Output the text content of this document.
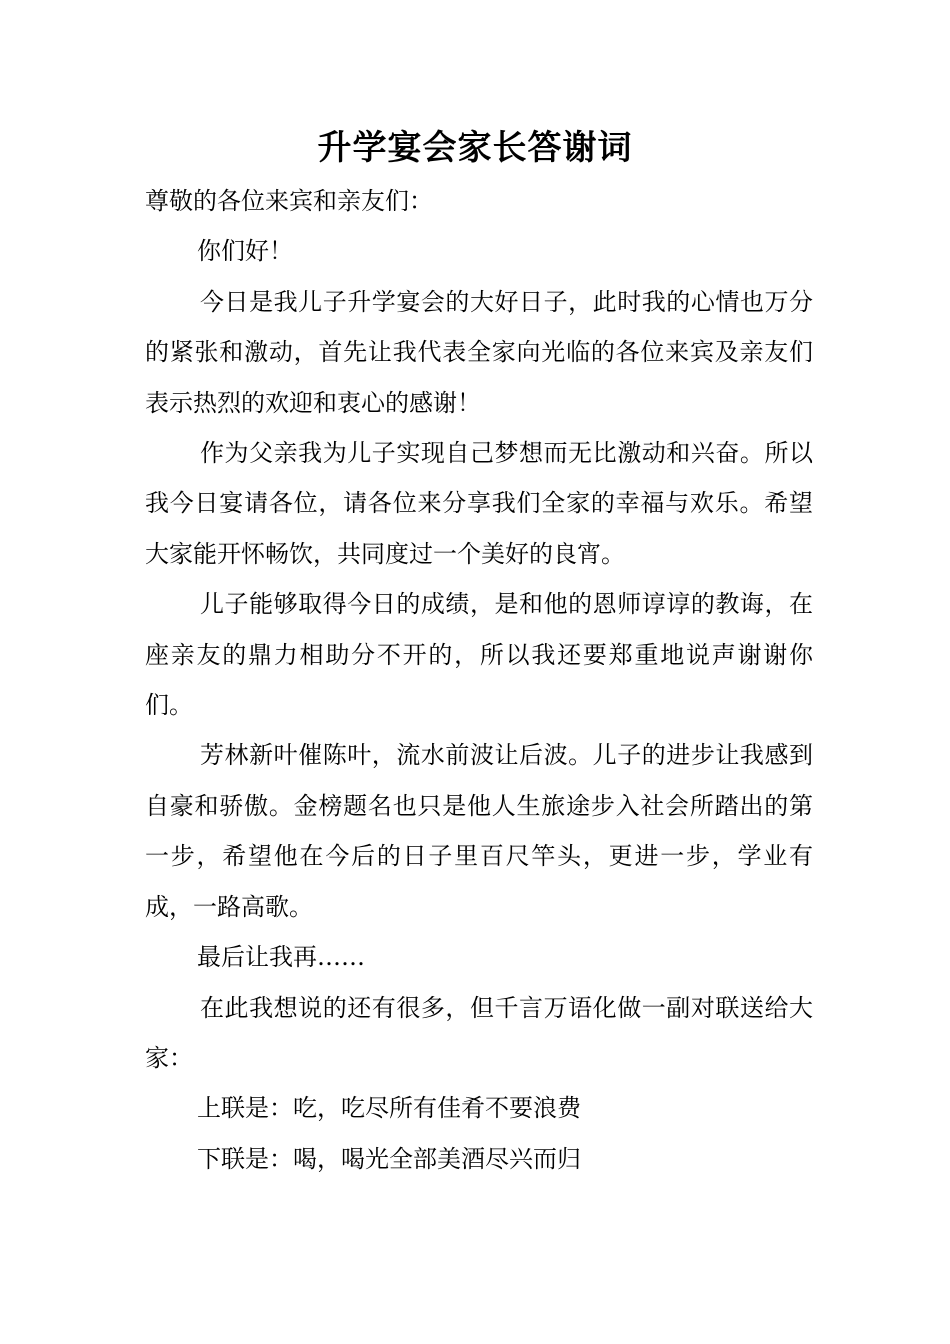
升学宴会家长答谢词

尊敬的各位来宾和亲友们：

你们好！

今日是我儿子升学宴会的大好日子，此时我的心情也万分的紧张和激动，首先让我代表全家向光临的各位来宾及亲友们表示热烈的欢迎和衷心的感谢！

作为父亲我为儿子实现自己梦想而无比激动和兴奋。所以我今日宴请各位，请各位来分享我们全家的幸福与欢乐。希望大家能开怀畅饮，共同度过一个美好的良宵。

儿子能够取得今日的成绩，是和他的恩师谆谆的教诲，在座亲友的鼎力相助分不开的，所以我还要郑重地说声谢谢你们。

芳林新叶催陈叶，流水前波让后波。儿子的进步让我感到自豪和骄傲。金榜题名也只是他人生旅途步入社会所踏出的第一步，希望他在今后的日子里百尺竿头，更进一步，学业有成，一路高歌。

最后让我再……

在此我想说的还有很多，但千言万语化做一副对联送给大家：

上联是：吃，吃尽所有佳肴不要浪费

下联是：喝，喝光全部美酒尽兴而归
